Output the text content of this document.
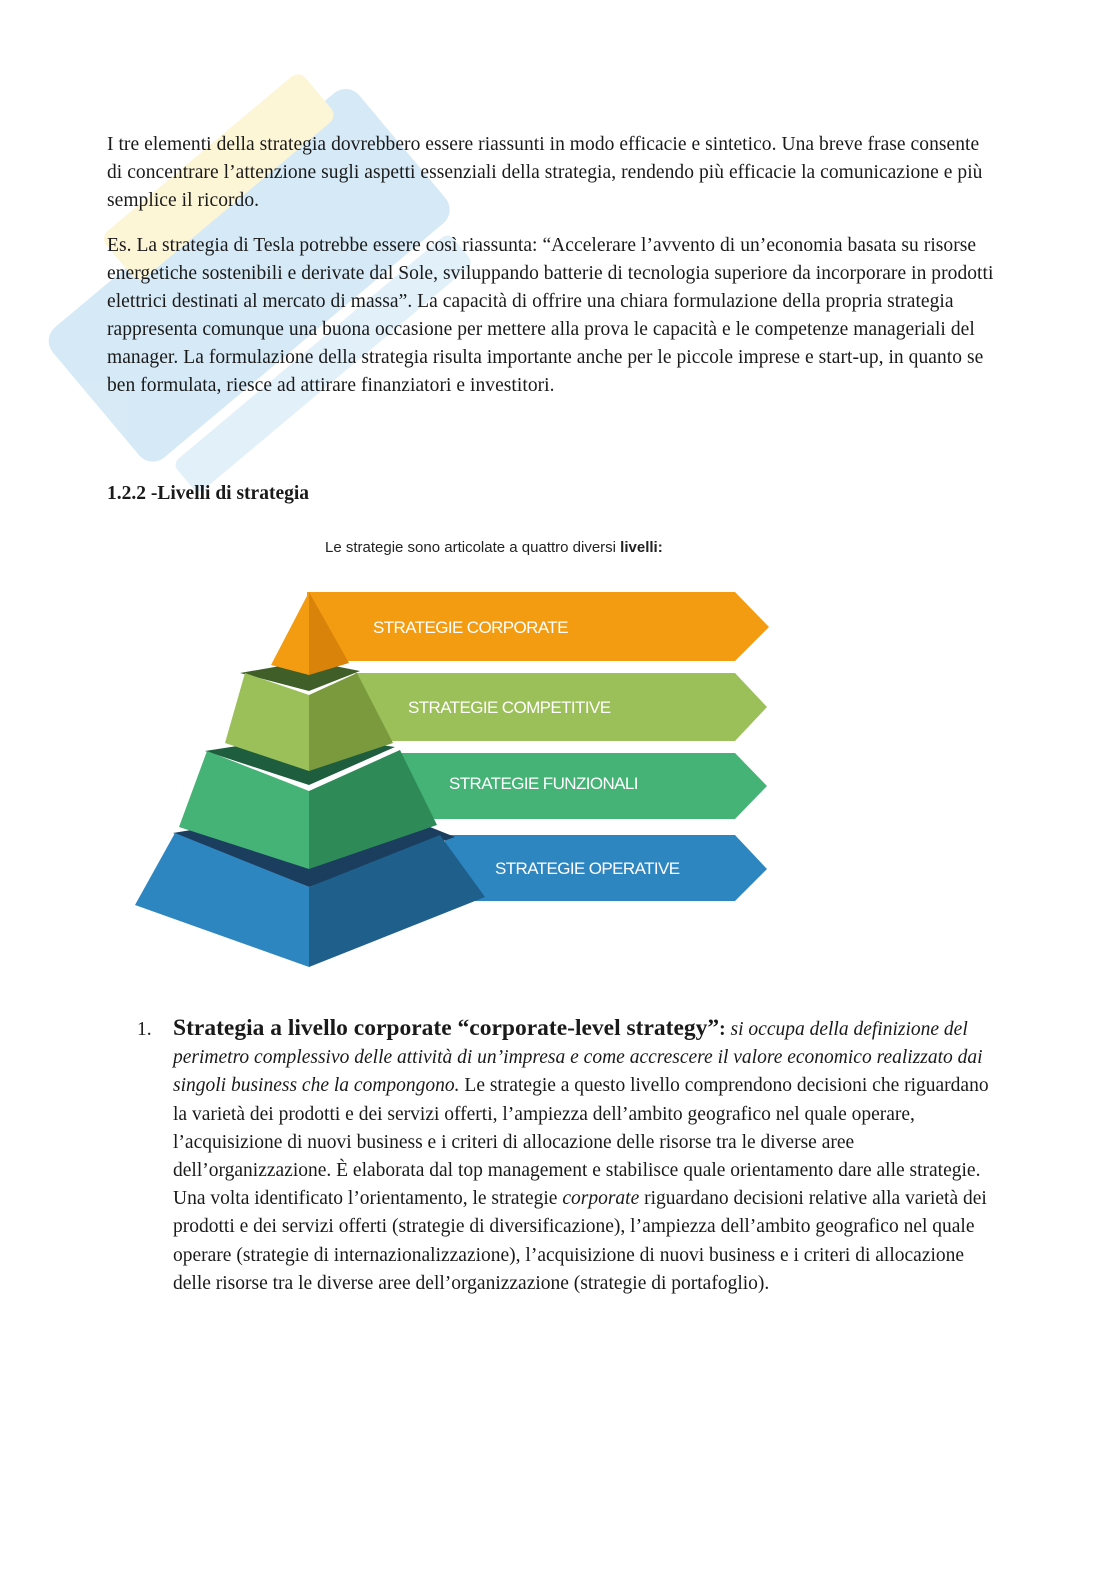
I tre elementi della strategia dovrebbero essere riassunti in modo efficacie e sintetico. Una breve frase consente di concentrare l’attenzione sugli aspetti essenziali della strategia, rendendo più efficacie la comunicazione e più semplice il ricordo.

Es. La strategia di Tesla potrebbe essere così riassunta: “Accelerare l’avvento di un’economia basata su risorse energetiche sostenibili e derivate dal Sole, sviluppando batterie di tecnologia superiore da incorporare in prodotti elettrici destinati al mercato di massa”. La capacità di offrire una chiara formulazione della propria strategia rappresenta comunque una buona occasione per mettere alla prova le capacità e le competenze manageriali del manager. La formulazione della strategia risulta importante anche per le piccole imprese e start-up, in quanto se ben formulata, riesce ad attirare finanziatori e investitori.

1.2.2 -Livelli di strategia
Le strategie sono articolate a quattro diversi livelli:
STRATEGIE CORPORATE
STRATEGIE COMPETITIVE
STRATEGIE FUNZIONALI
STRATEGIE OPERATIVE
1. Strategia a livello corporate “corporate-level strategy”: si occupa della definizione del perimetro complessivo delle attività di un’impresa e come accrescere il valore economico realizzato dai singoli business che la compongono. Le strategie a questo livello comprendono decisioni che riguardano la varietà dei prodotti e dei servizi offerti, l’ampiezza dell’ambito geografico nel quale operare, l’acquisizione di nuovi business e i criteri di allocazione delle risorse tra le diverse aree dell’organizzazione. È elaborata dal top management e stabilisce quale orientamento dare alle strategie. Una volta identificato l’orientamento, le strategie corporate riguardano decisioni relative alla varietà dei prodotti e dei servizi offerti (strategie di diversificazione), l’ampiezza dell’ambito geografico nel quale operare (strategie di internazionalizzazione), l’acquisizione di nuovi business e i criteri di allocazione delle risorse tra le diverse aree dell’organizzazione (strategie di portafoglio).
